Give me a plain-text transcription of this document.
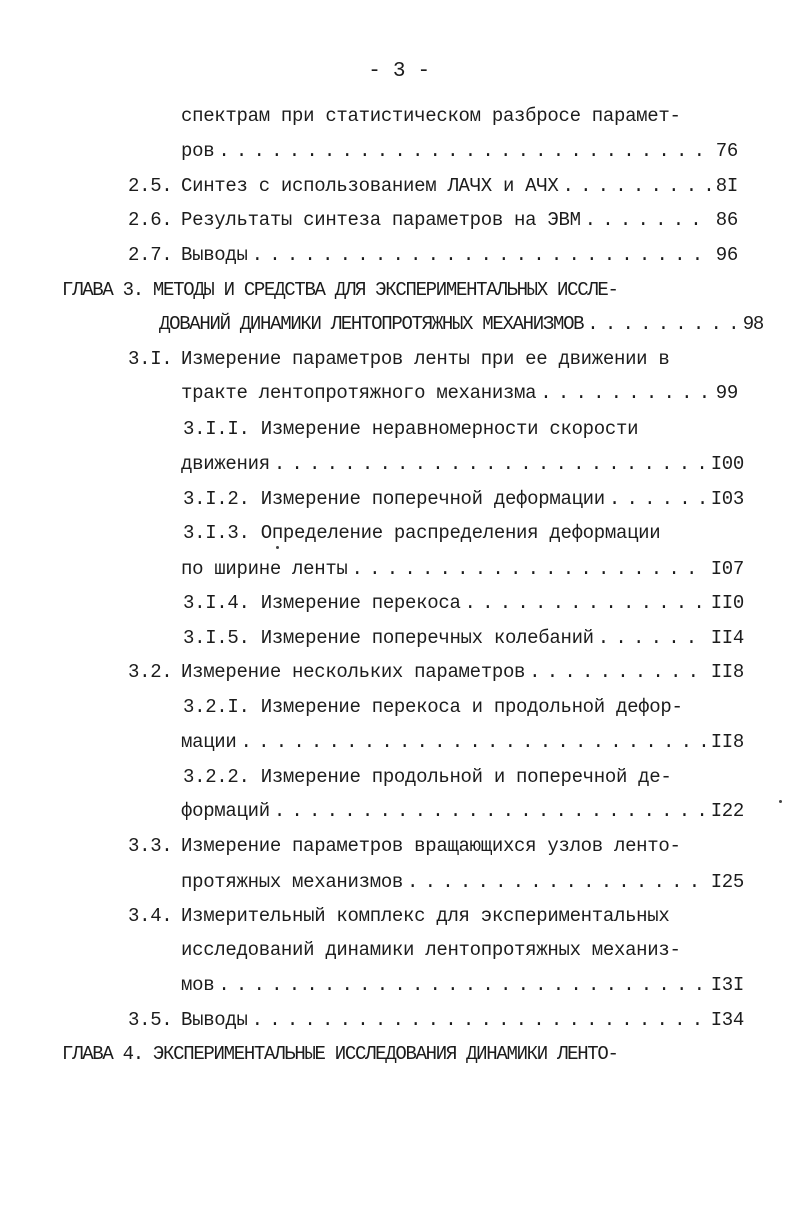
- 3 -
спектрам при статистическом разбросе парамет-
ров . . .	76
2.5. Синтез с использованием ЛАЧХ и АЧХ . . .	8I
2.6. Результаты синтеза параметров на ЭВМ . . .	86
2.7. Выводы . . .	96
ГЛАВА 3. МЕТОДЫ И СРЕДСТВА ДЛЯ ЭКСПЕРИМЕНТАЛЬНЫХ ИССЛЕ-
ДОВАНИЙ ДИНАМИКИ ЛЕНТОПРОТЯЖНЫХ МЕХАНИЗМОВ . . .	98
3.I. Измерение параметров ленты при ее движении в
тракте лентопротяжного механизма . . .	99
3.I.I. Измерение неравномерности скорости
движения . . .	I00
3.I.2. Измерение поперечной деформации . . .	I03
3.I.3. Определение распределения деформации
по ширине ленты . . .	I07
3.I.4. Измерение перекоса . . .	II0
3.I.5. Измерение поперечных колебаний . . .	II4
3.2. Измерение нескольких параметров . . .	II8
3.2.I. Измерение перекоса и продольной дефор-
мации . . .	II8
3.2.2. Измерение продольной и поперечной де-
формаций . . .	I22
3.3. Измерение параметров вращающихся узлов ленто-
протяжных механизмов . . .	I25
3.4. Измерительный комплекс для экспериментальных
исследований динамики лентопротяжных механиз-
мов . . .	I3I
3.5. Выводы . . .	I34
ГЛАВА 4. ЭКСПЕРИМЕНТАЛЬНЫЕ ИССЛЕДОВАНИЯ ДИНАМИКИ ЛЕНТО-
